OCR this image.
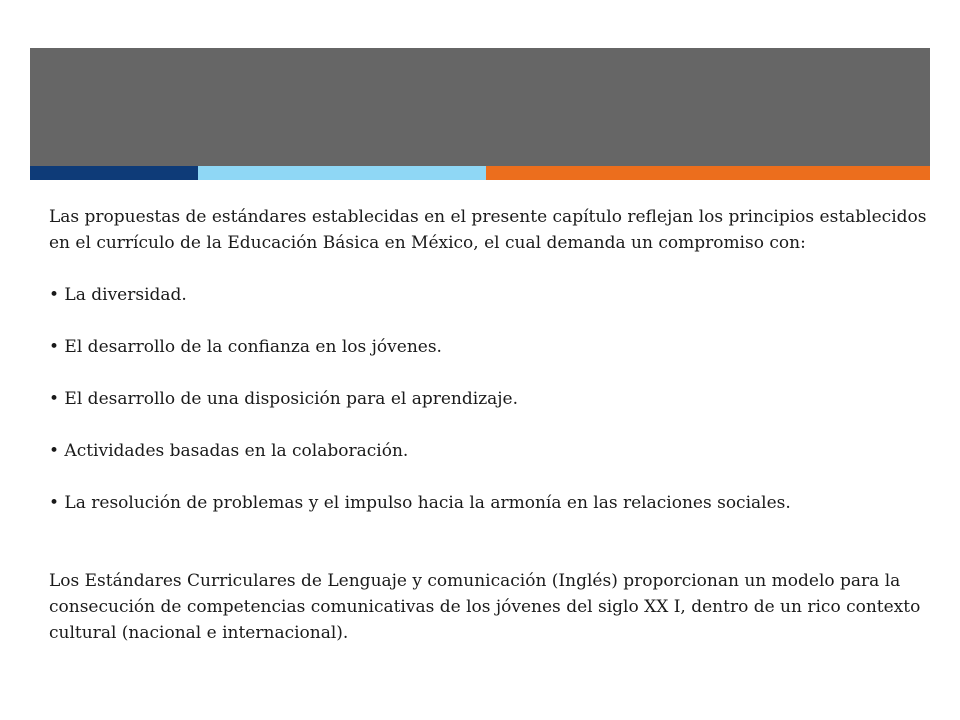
Las propuestas de estándares establecidas en el presente capítulo reflejan los principios establecidos en el currículo de la Educación Básica en México, el cual demanda un compromiso con:

• La diversidad.

• El desarrollo de la confianza en los jóvenes.

• El desarrollo de una disposición para el aprendizaje.

• Actividades basadas en la colaboración.

• La resolución de problemas y el impulso hacia la armonía en las relaciones sociales.

Los Estándares Curriculares de Lenguaje y comunicación (Inglés) proporcionan un modelo para la consecución de competencias comunicativas de los jóvenes del siglo XX I, dentro de un rico contexto cultural (nacional e internacional).
